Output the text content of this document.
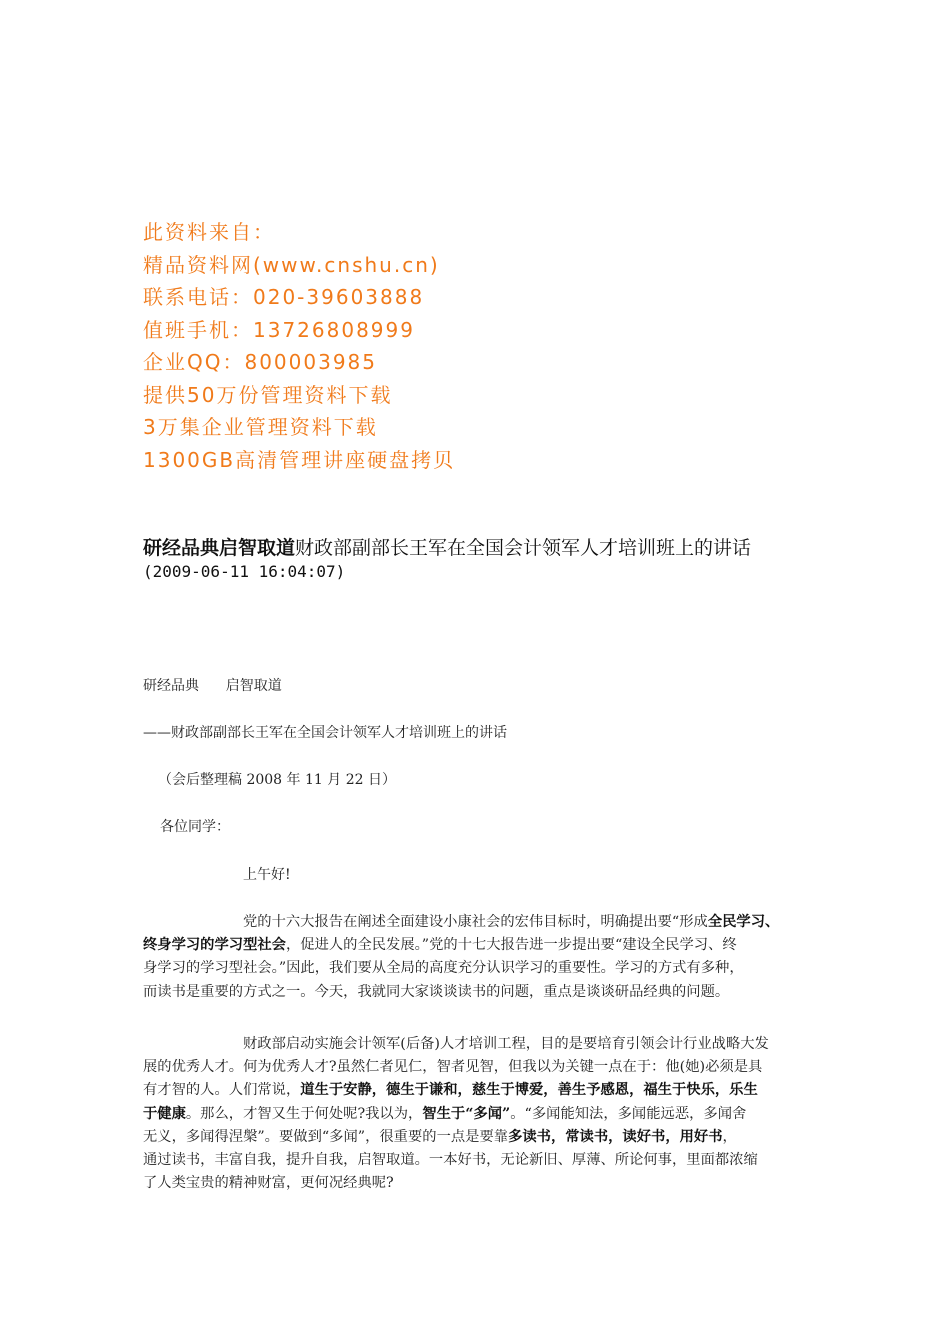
此资料来自：
精品资料网(www.cnshu.cn)
联系电话：020-39603888
值班手机：13726808999
企业QQ：800003985
提供50万份管理资料下载
3万集企业管理资料下载
1300GB高清管理讲座硬盘拷贝
研经品典启智取道财政部副部长王军在全国会计领军人才培训班上的讲话
(2009-06-11 16:04:07)
研经品典      启智取道
——财政部副部长王军在全国会计领军人才培训班上的讲话
（会后整理稿 2008 年 11 月 22 日）
各位同学：
上午好!
党的十六大报告在阐述全面建设小康社会的宏伟目标时，明确提出要“形成全民学习、
终身学习的学习型社会，促进人的全民发展。”党的十七大报告进一步提出要“建设全民学习、终
身学习的学习型社会。”因此，我们要从全局的高度充分认识学习的重要性。学习的方式有多种，
而读书是重要的方式之一。今天，我就同大家谈谈读书的问题，重点是谈谈研品经典的问题。
财政部启动实施会计领军(后备)人才培训工程，目的是要培育引领会计行业战略大发
展的优秀人才。何为优秀人才?虽然仁者见仁，智者见智，但我以为关键一点在于：他(她)必须是具
有才智的人。人们常说，道生于安静，德生于谦和，慈生于博爱，善生予感恩，福生于快乐，乐生
于健康。那么，才智又生于何处呢?我以为，智生于“多闻”。“多闻能知法，多闻能远恶，多闻舍
无义，多闻得涅槃”。要做到“多闻”，很重要的一点是要靠多读书，常读书，读好书，用好书，
通过读书，丰富自我，提升自我，启智取道。一本好书，无论新旧、厚薄、所论何事，里面都浓缩
了人类宝贵的精神财富，更何况经典呢?
